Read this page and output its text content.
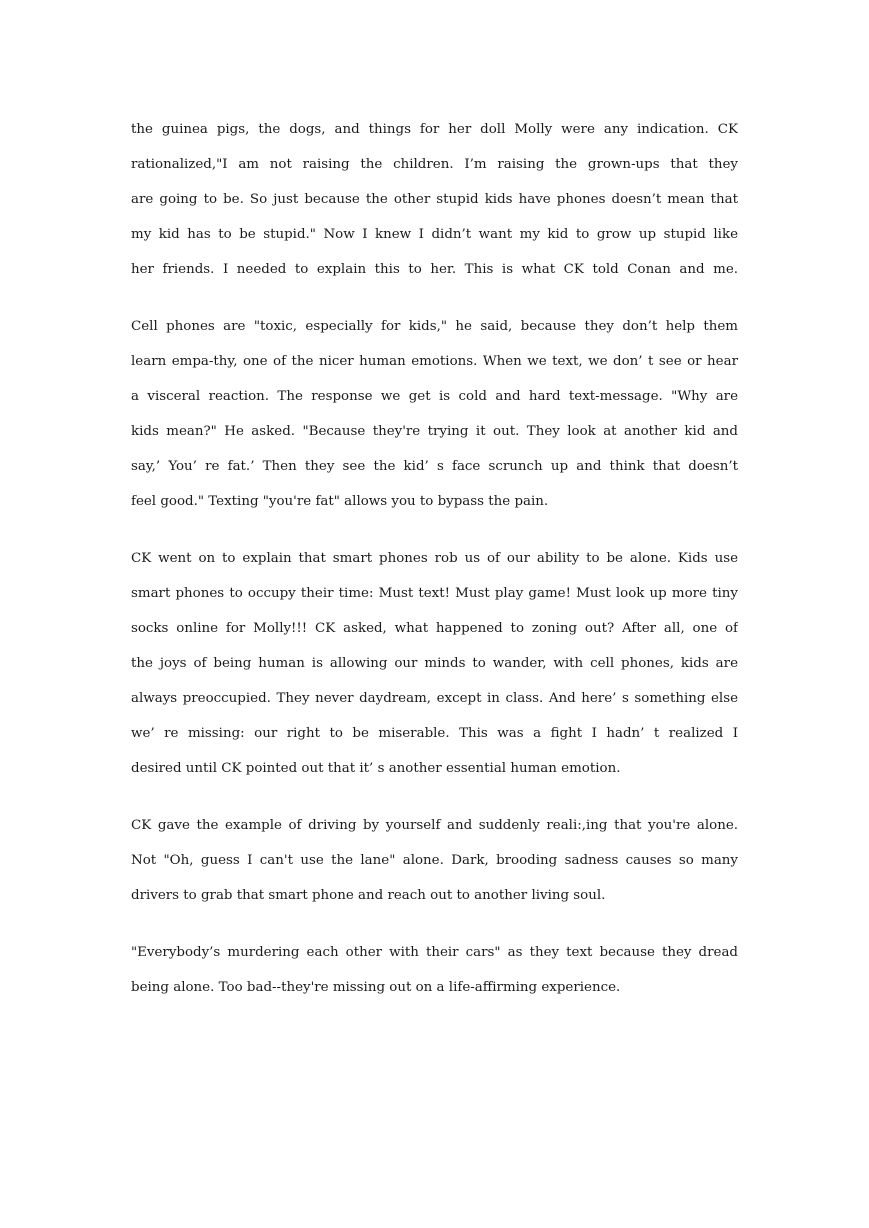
the guinea pigs, the dogs, and things for her doll Molly were any indication. CK
rationalized,"I am not raising the children. I’m raising the grown-ups that they
are going to be. So just because the other stupid kids have phones doesn’t mean that
my kid has to be stupid." Now I knew I didn’t want my kid to grow up stupid like
her friends. I needed to explain this to her. This is what CK told Conan and me.

Cell phones are "toxic, especially for kids," he said, because they don’t help them
learn empa-thy, one of the nicer human emotions. When we text, we don’ t see or hear
a visceral reaction. The response we get is cold and hard text-message. "Why are
kids mean?" He asked. "Because they're trying it out. They look at another kid and
say,’ You’ re fat.’ Then they see the kid’ s face scrunch up and think that doesn’t
feel good." Texting "you're fat" allows you to bypass the pain.

CK went on to explain that smart phones rob us of our ability to be alone. Kids use
smart phones to occupy their time: Must text! Must play game! Must look up more tiny
socks online for Molly!!! CK asked, what happened to zoning out? After all, one of
the joys of being human is allowing our minds to wander, with cell phones, kids are
always preoccupied. They never daydream, except in class. And here’ s something else
we’ re missing: our right to be miserable. This was a fight I hadn’ t realized I
desired until CK pointed out that it’ s another essential human emotion.

CK gave the example of driving by yourself and suddenly reali:,ing that you're alone.
Not "Oh, guess I can't use the lane" alone. Dark, brooding sadness causes so many
drivers to grab that smart phone and reach out to another living soul.

"Everybody’s murdering each other with their cars" as they text because they dread
being alone. Too bad--they're missing out on a life-affirming experience.
